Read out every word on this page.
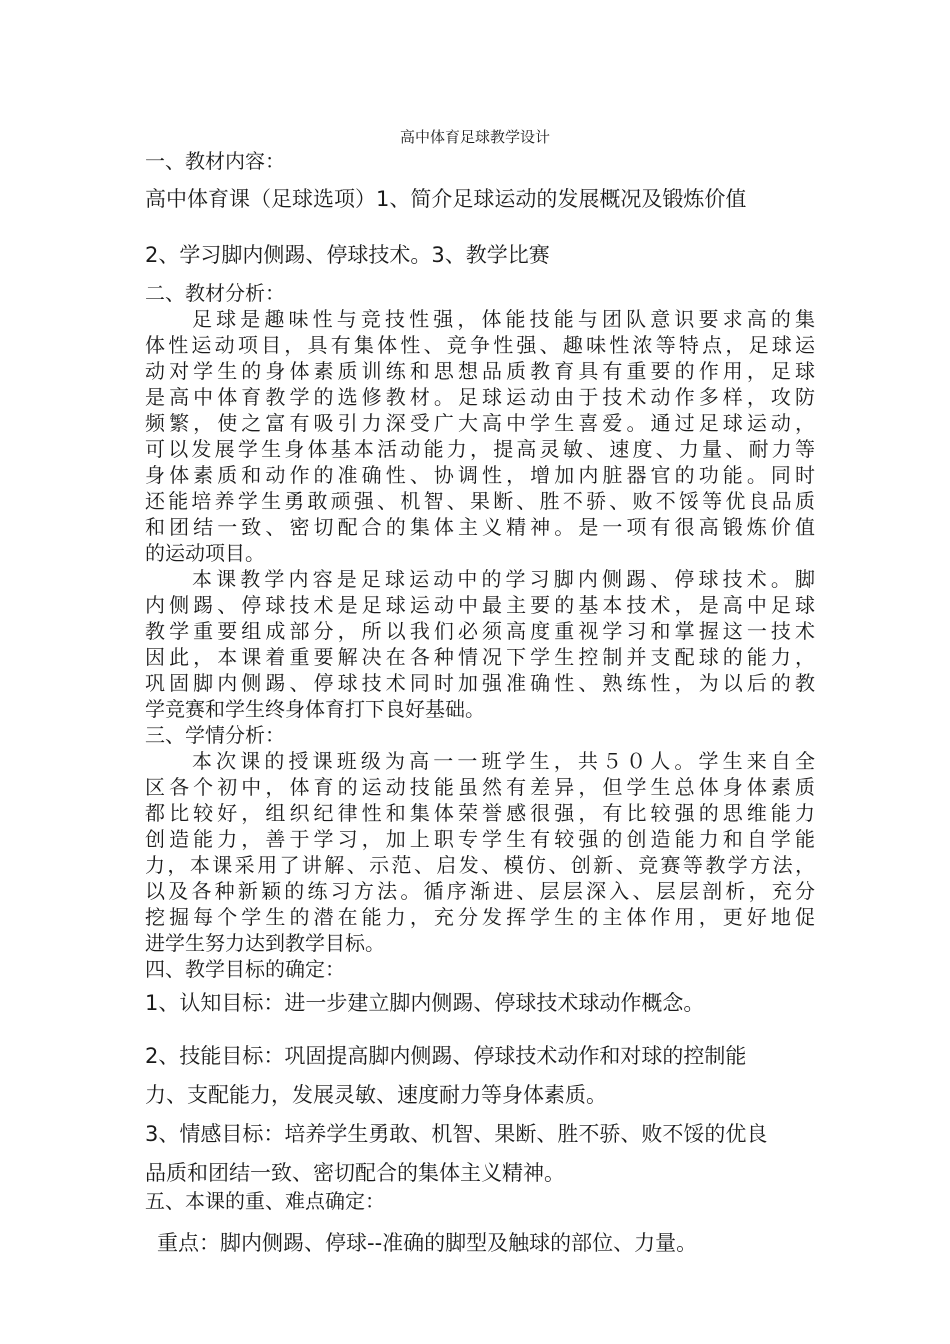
高中体育足球教学设计

一、教材内容：

高中体育课（足球选项）1、简介足球运动的发展概况及锻炼价值

2、学习脚内侧踢、停球技术。3、教学比赛

二、教材分析：

足球是趣味性与竞技性强，体能技能与团队意识要求高的集
体性运动项目，具有集体性、竞争性强、趣味性浓等特点，足球运
动对学生的身体素质训练和思想品质教育具有重要的作用，足球
是高中体育教学的选修教材。足球运动由于技术动作多样，攻防
频繁，使之富有吸引力深受广大高中学生喜爱。通过足球运动，
可以发展学生身体基本活动能力，提高灵敏、速度、力量、耐力等
身体素质和动作的准确性、协调性，增加内脏器官的功能。同时
还能培养学生勇敢顽强、机智、果断、胜不骄、败不馁等优良品质
和团结一致、密切配合的集体主义精神。是一项有很高锻炼价值
的运动项目。
本课教学内容是足球运动中的学习脚内侧踢、停球技术。脚
内侧踢、停球技术是足球运动中最主要的基本技术，是高中足球
教学重要组成部分，所以我们必须高度重视学习和掌握这一技术
因此，本课着重要解决在各种情况下学生控制并支配球的能力，
巩固脚内侧踢、停球技术同时加强准确性、熟练性，为以后的教
学竞赛和学生终身体育打下良好基础。

三、学情分析：

本次课的授课班级为高一一班学生，共５０人。学生来自全
区各个初中，体育的运动技能虽然有差异，但学生总体身体素质
都比较好，组织纪律性和集体荣誉感很强，有比较强的思维能力
创造能力，善于学习，加上职专学生有较强的创造能力和自学能
力，本课采用了讲解、示范、启发、模仿、创新、竞赛等教学方法，
以及各种新颖的练习方法。循序渐进、层层深入、层层剖析，充分
挖掘每个学生的潜在能力，充分发挥学生的主体作用，更好地促
进学生努力达到教学目标。

四、教学目标的确定：

1、认知目标：进一步建立脚内侧踢、停球技术球动作概念。

2、技能目标：巩固提高脚内侧踢、停球技术动作和对球的控制能

力、支配能力，发展灵敏、速度耐力等身体素质。

3、情感目标：培养学生勇敢、机智、果断、胜不骄、败不馁的优良

品质和团结一致、密切配合的集体主义精神。

五、本课的重、难点确定：

重点：脚内侧踢、停球--准确的脚型及触球的部位、力量。
